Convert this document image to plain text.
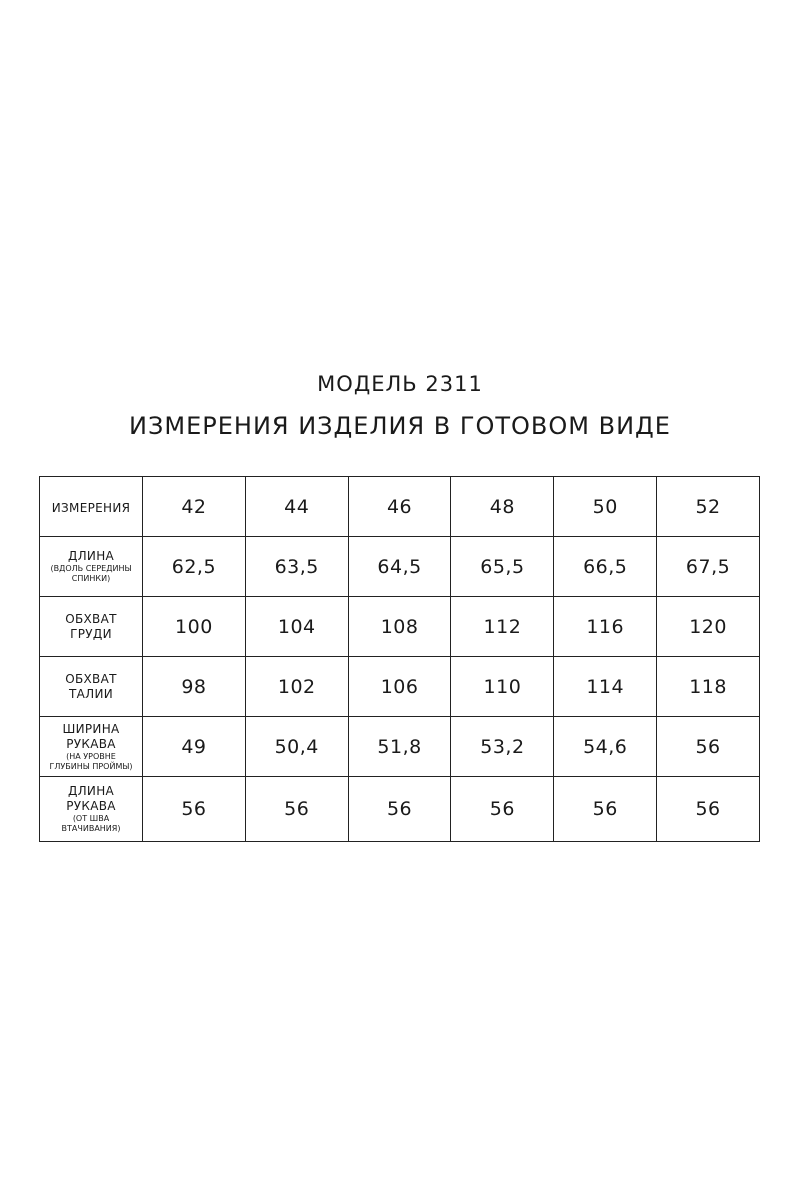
МОДЕЛЬ 2311
ИЗМЕРЕНИЯ ИЗДЕЛИЯ В ГОТОВОМ ВИДЕ
ИЗМЕРЕНИЯ	42	44	46	48	50	52

ДЛИНА
(ВДОЛЬ СЕРЕДИНЫ
СПИНКИ)	62,5	63,5	64,5	65,5	66,5	67,5

ОБХВАТ
ГРУДИ	100	104	108	112	116	120

ОБХВАТ
ТАЛИИ	98	102	106	110	114	118

ШИРИНА
РУКАВА
(НА УРОВНЕ
ГЛУБИНЫ ПРОЙМЫ)	49	50,4	51,8	53,2	54,6	56

ДЛИНА
РУКАВА
(ОТ ШВА
ВТАЧИВАНИЯ)	56	56	56	56	56	56
